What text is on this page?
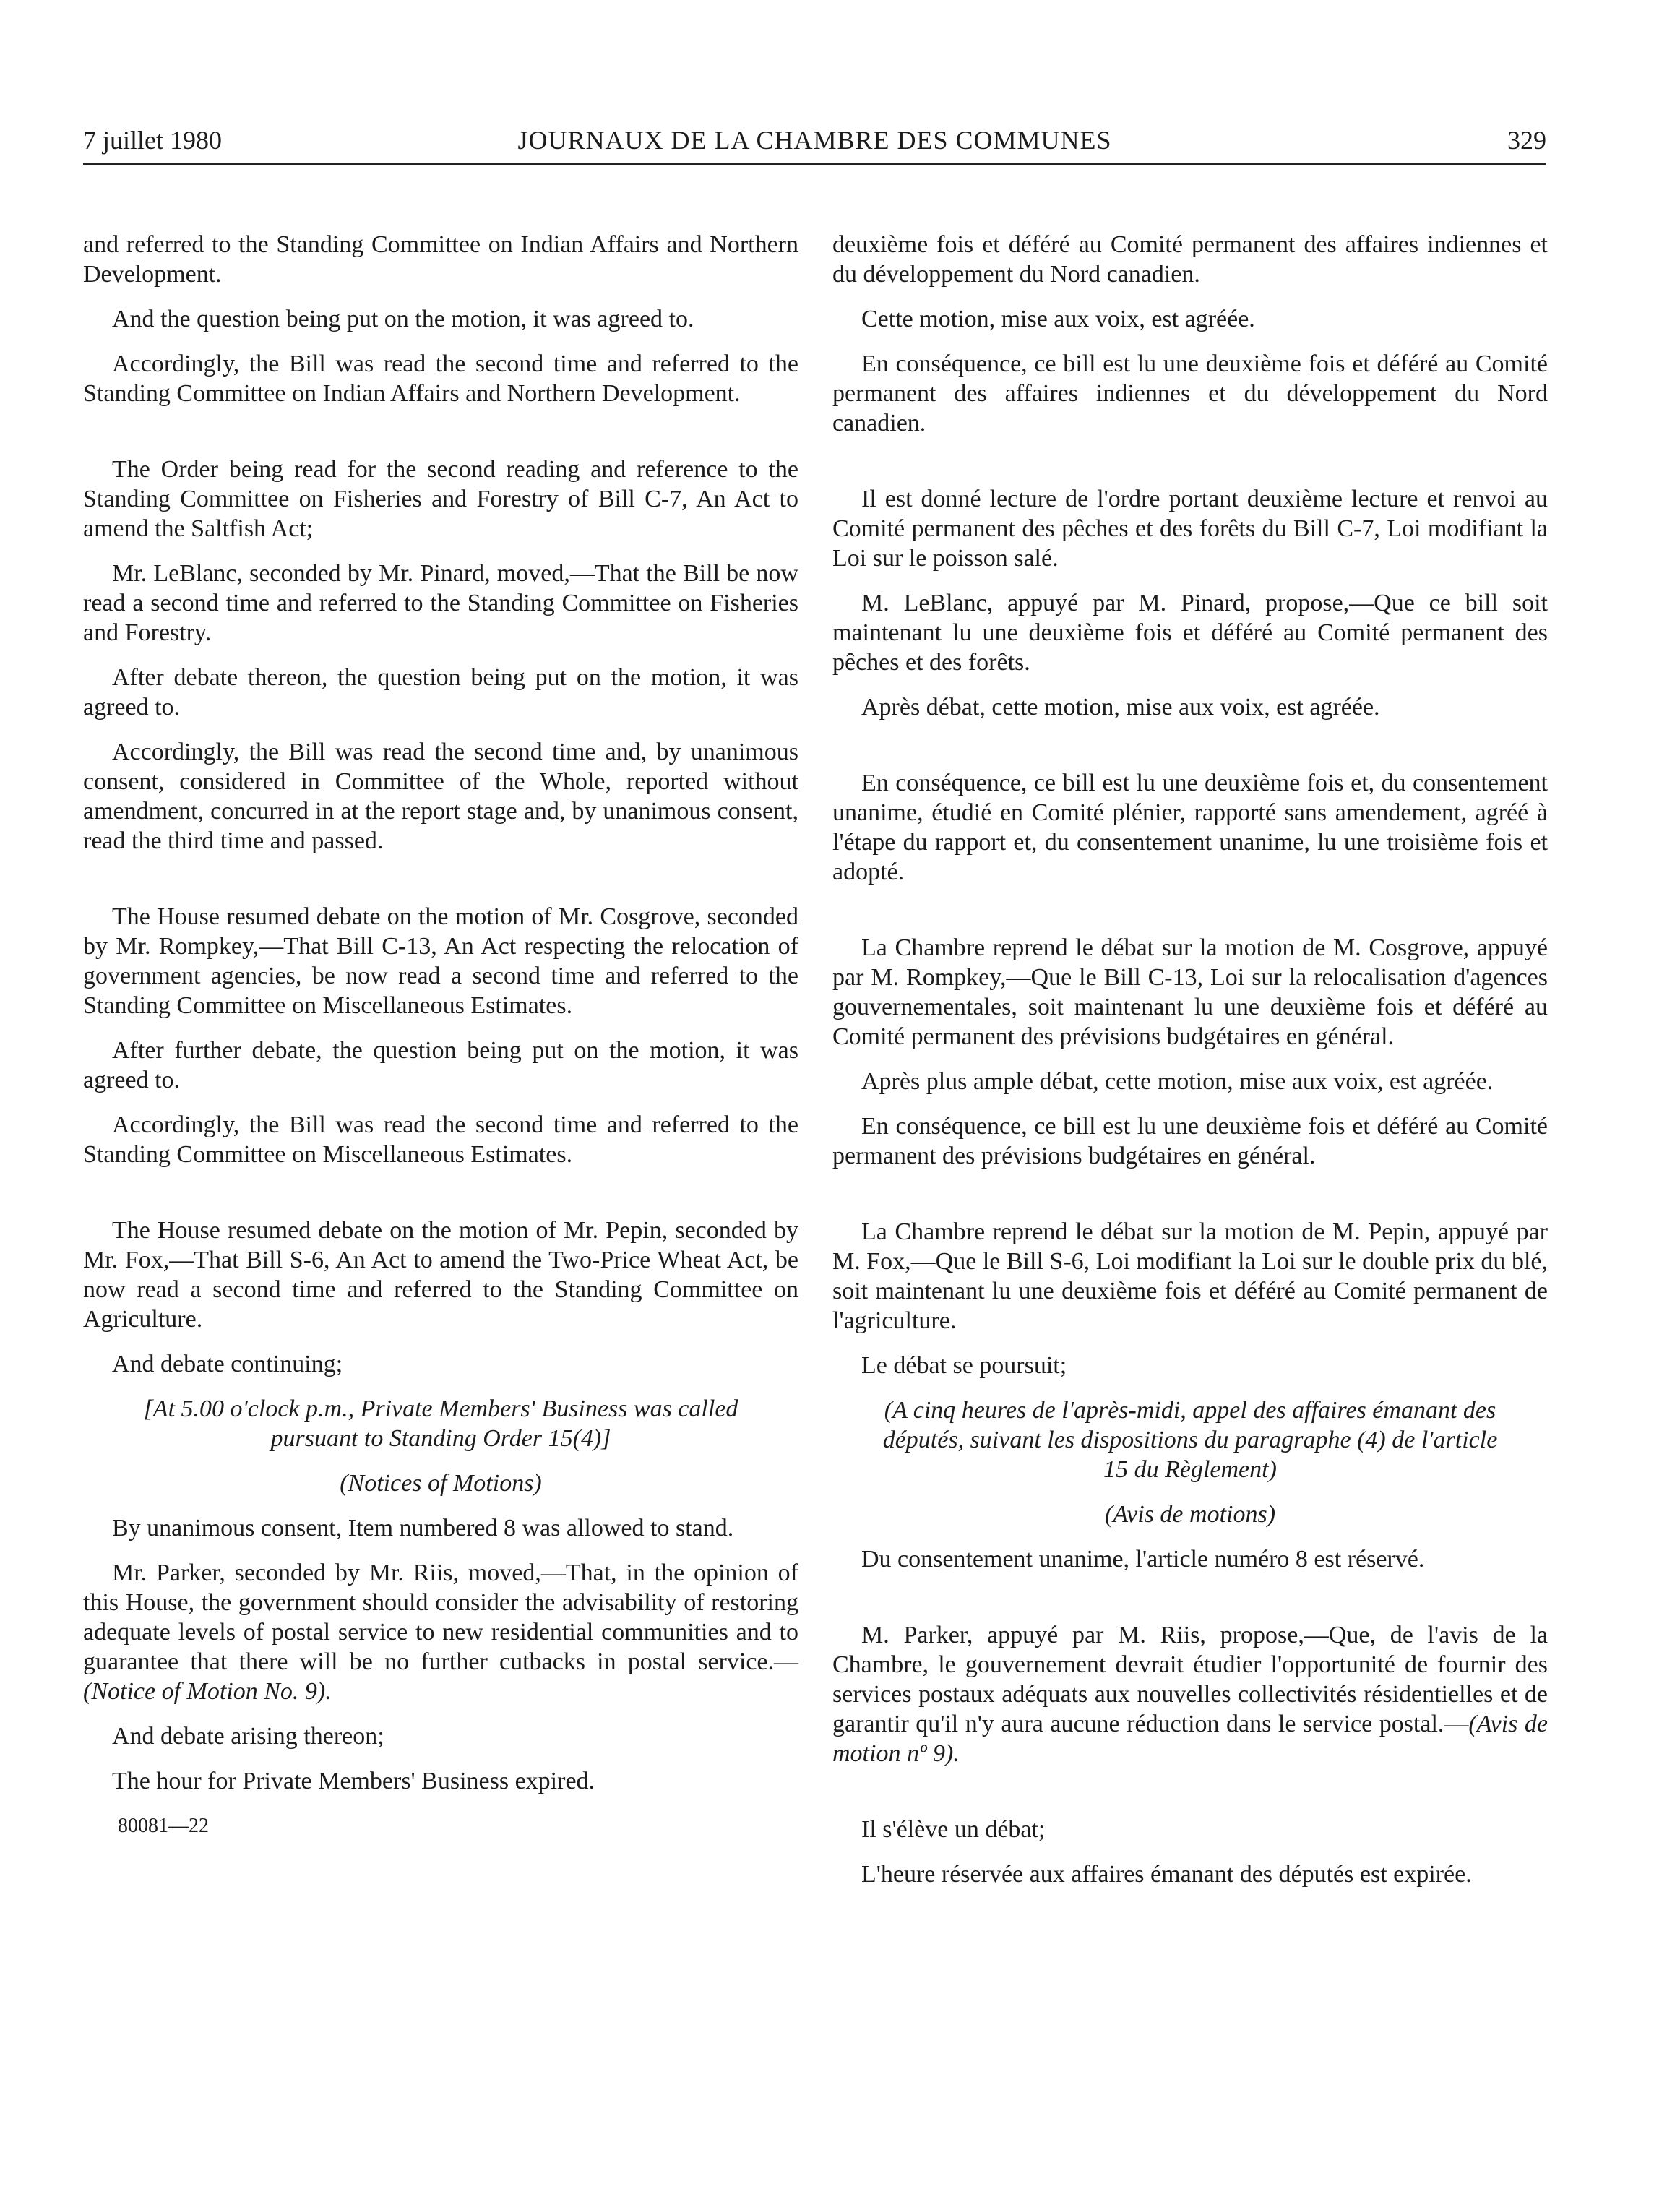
7 juillet 1980	JOURNAUX DE LA CHAMBRE DES COMMUNES	329

and referred to the Standing Committee on Indian Affairs and Northern Development.

And the question being put on the motion, it was agreed to.

Accordingly, the Bill was read the second time and referred to the Standing Committee on Indian Affairs and Northern Development.

The Order being read for the second reading and reference to the Standing Committee on Fisheries and Forestry of Bill C-7, An Act to amend the Saltfish Act;

Mr. LeBlanc, seconded by Mr. Pinard, moved,—That the Bill be now read a second time and referred to the Standing Committee on Fisheries and Forestry.

After debate thereon, the question being put on the motion, it was agreed to.

Accordingly, the Bill was read the second time and, by unanimous consent, considered in Committee of the Whole, reported without amendment, concurred in at the report stage and, by unanimous consent, read the third time and passed.

The House resumed debate on the motion of Mr. Cosgrove, seconded by Mr. Rompkey,—That Bill C-13, An Act respecting the relocation of government agencies, be now read a second time and referred to the Standing Committee on Miscellaneous Estimates.

After further debate, the question being put on the motion, it was agreed to.

Accordingly, the Bill was read the second time and referred to the Standing Committee on Miscellaneous Estimates.

The House resumed debate on the motion of Mr. Pepin, seconded by Mr. Fox,—That Bill S-6, An Act to amend the Two-Price Wheat Act, be now read a second time and referred to the Standing Committee on Agriculture.

And debate continuing;

[At 5.00 o'clock p.m., Private Members' Business was called pursuant to Standing Order 15(4)]

(Notices of Motions)

By unanimous consent, Item numbered 8 was allowed to stand.

Mr. Parker, seconded by Mr. Riis, moved,—That, in the opinion of this House, the government should consider the advisability of restoring adequate levels of postal service to new residential communities and to guarantee that there will be no further cutbacks in postal service.—(Notice of Motion No. 9).

And debate arising thereon;

The hour for Private Members' Business expired.

80081—22

deuxième fois et déféré au Comité permanent des affaires indiennes et du développement du Nord canadien.

Cette motion, mise aux voix, est agréée.

En conséquence, ce bill est lu une deuxième fois et déféré au Comité permanent des affaires indiennes et du développement du Nord canadien.

Il est donné lecture de l'ordre portant deuxième lecture et renvoi au Comité permanent des pêches et des forêts du Bill C-7, Loi modifiant la Loi sur le poisson salé.

M. LeBlanc, appuyé par M. Pinard, propose,—Que ce bill soit maintenant lu une deuxième fois et déféré au Comité permanent des pêches et des forêts.

Après débat, cette motion, mise aux voix, est agréée.

En conséquence, ce bill est lu une deuxième fois et, du consentement unanime, étudié en Comité plénier, rapporté sans amendement, agréé à l'étape du rapport et, du consentement unanime, lu une troisième fois et adopté.

La Chambre reprend le débat sur la motion de M. Cosgrove, appuyé par M. Rompkey,—Que le Bill C-13, Loi sur la relocalisation d'agences gouvernementales, soit maintenant lu une deuxième fois et déféré au Comité permanent des prévisions budgétaires en général.

Après plus ample débat, cette motion, mise aux voix, est agréée.

En conséquence, ce bill est lu une deuxième fois et déféré au Comité permanent des prévisions budgétaires en général.

La Chambre reprend le débat sur la motion de M. Pepin, appuyé par M. Fox,—Que le Bill S-6, Loi modifiant la Loi sur le double prix du blé, soit maintenant lu une deuxième fois et déféré au Comité permanent de l'agriculture.

Le débat se poursuit;

(A cinq heures de l'après-midi, appel des affaires émanant des députés, suivant les dispositions du paragraphe (4) de l'article 15 du Règlement)

(Avis de motions)

Du consentement unanime, l'article numéro 8 est réservé.

M. Parker, appuyé par M. Riis, propose,—Que, de l'avis de la Chambre, le gouvernement devrait étudier l'opportunité de fournir des services postaux adéquats aux nouvelles collectivités résidentielles et de garantir qu'il n'y aura aucune réduction dans le service postal.—(Avis de motion nº 9).

Il s'élève un débat;

L'heure réservée aux affaires émanant des députés est expirée.
